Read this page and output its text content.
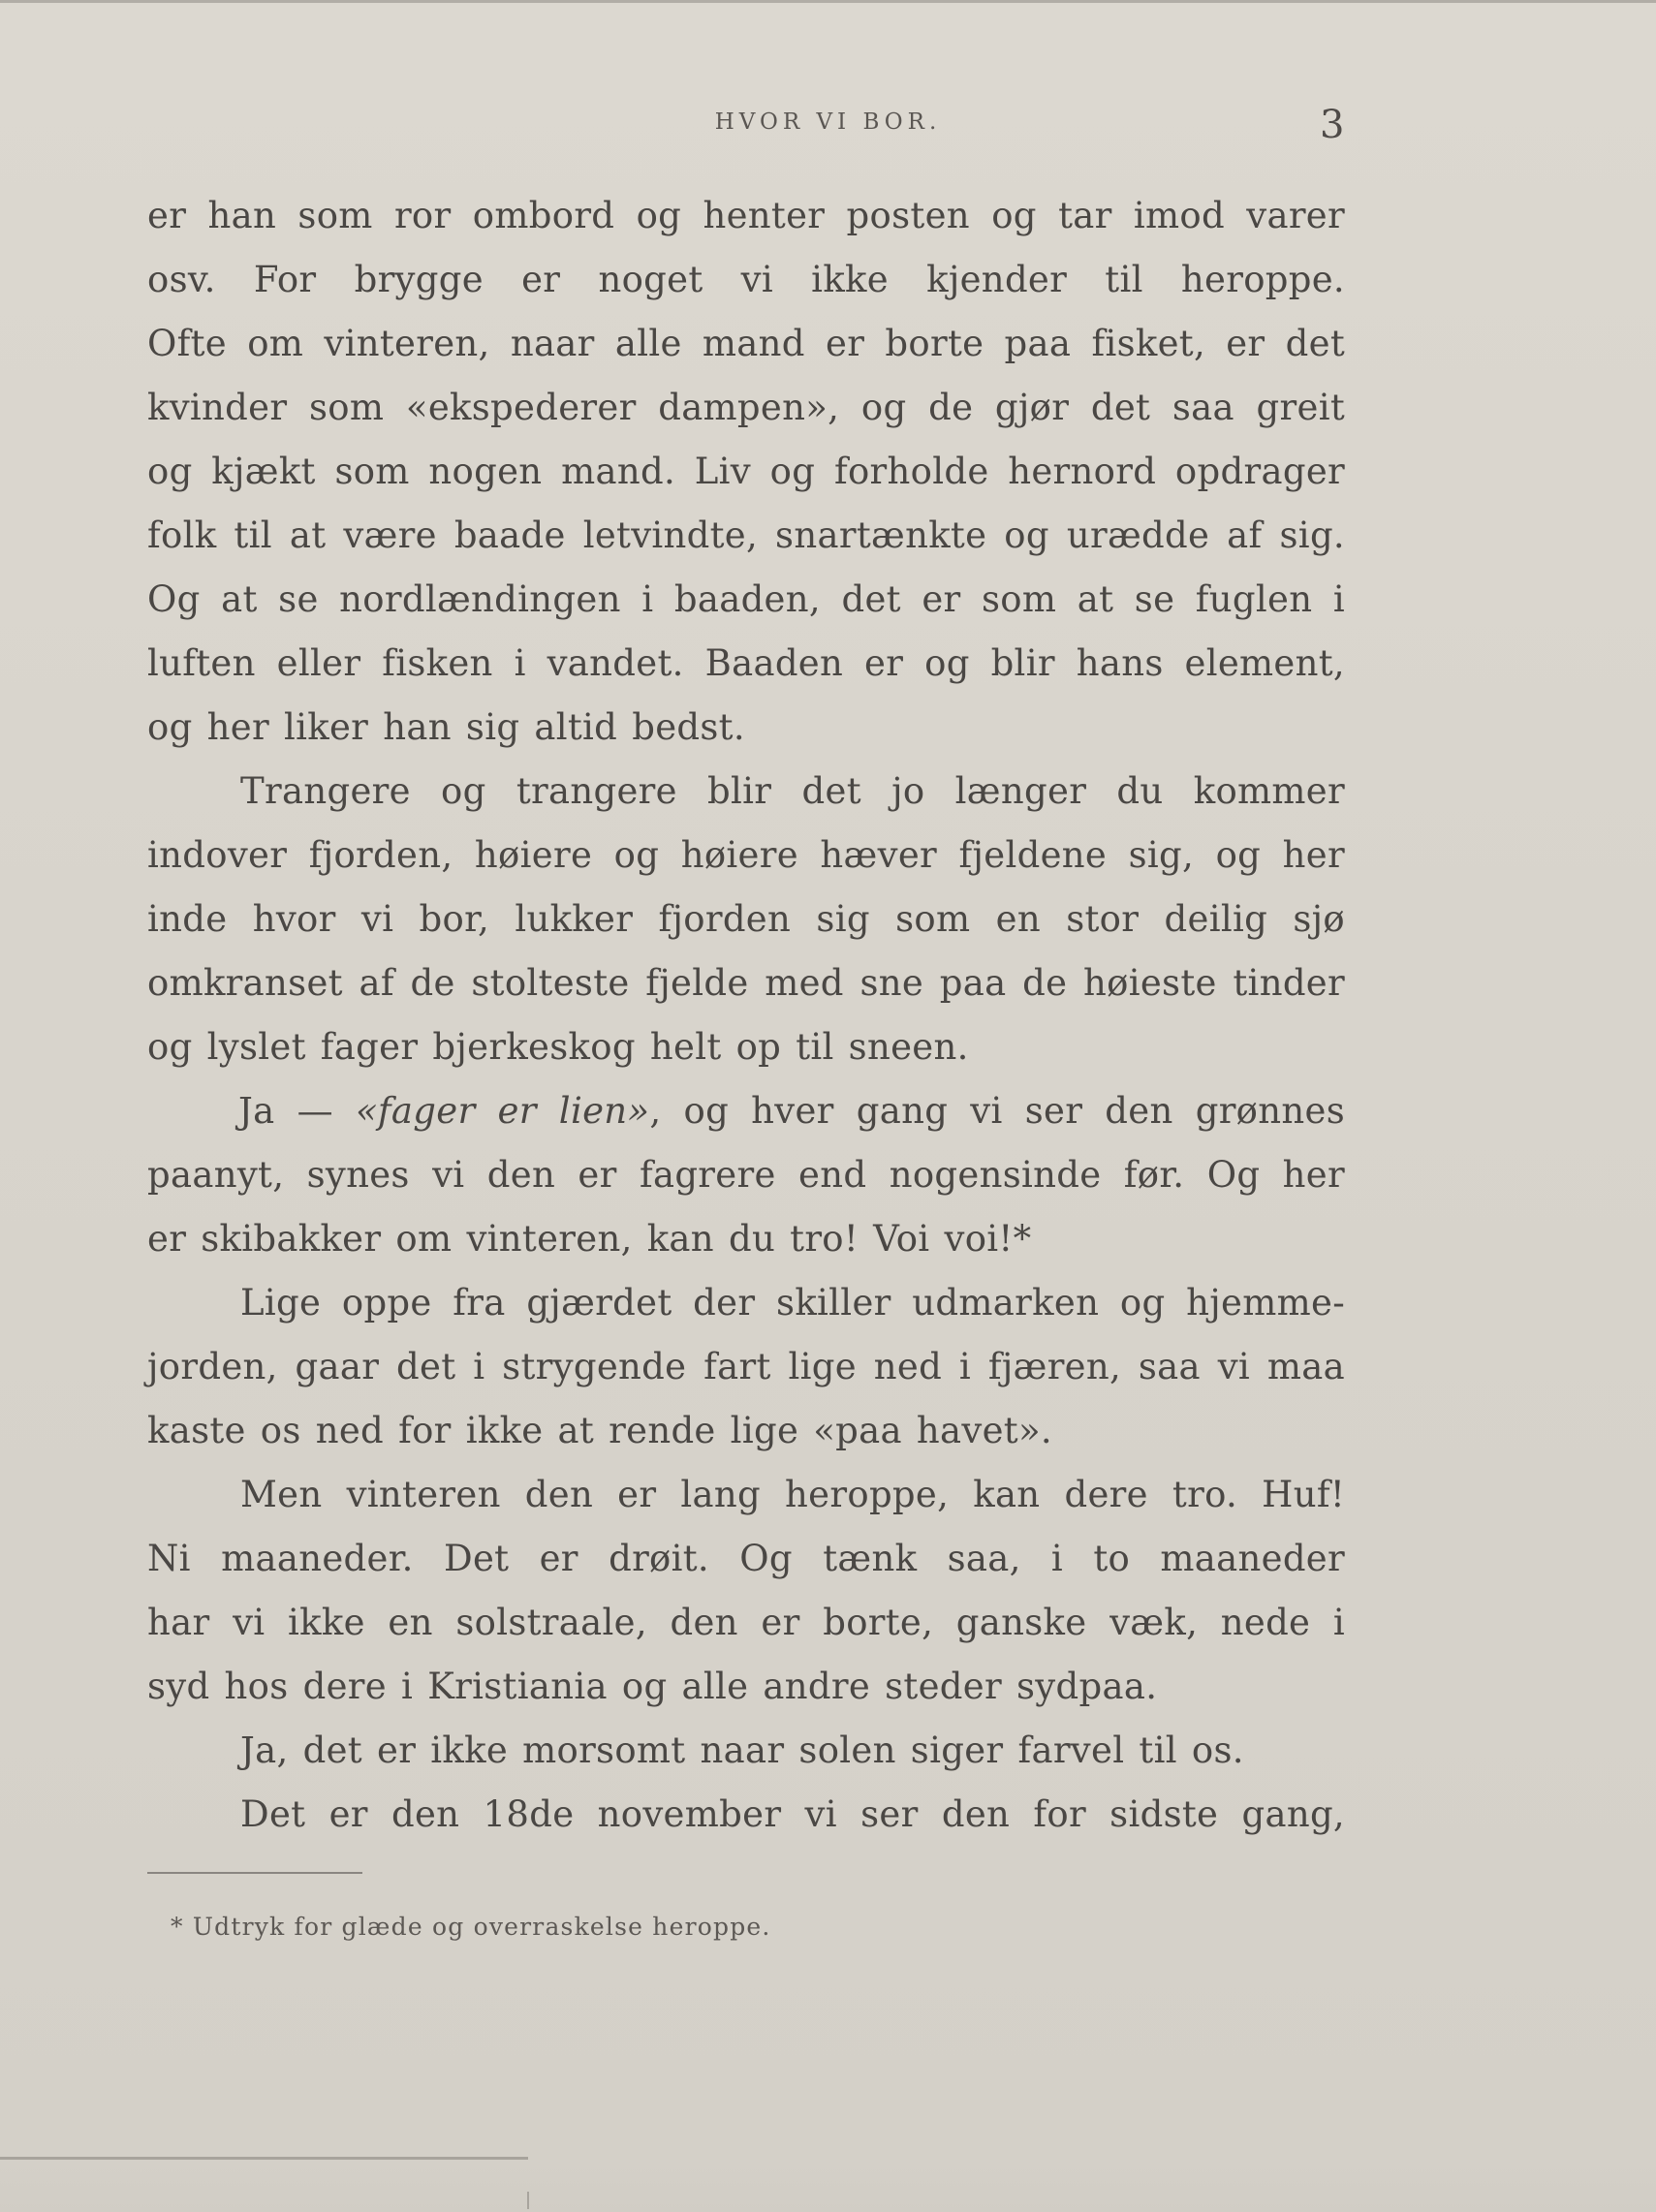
HVOR VI BOR.	3
er han som ror ombord og henter posten og tar imod varer
osv. For brygge er noget vi ikke kjender til heroppe.
Ofte om vinteren, naar alle mand er borte paa fisket, er det
kvinder som «ekspederer dampen», og de gjør det saa greit
og kjækt som nogen mand. Liv og forholde hernord opdrager
folk til at være baade letvindte, snartænkte og urædde af sig.
Og at se nordlændingen i baaden, det er som at se fuglen i
luften eller fisken i vandet. Baaden er og blir hans element,
og her liker han sig altid bedst.
Trangere og trangere blir det jo længer du kommer
indover fjorden, høiere og høiere hæver fjeldene sig, og her
inde hvor vi bor, lukker fjorden sig som en stor deilig sjø
omkranset af de stolteste fjelde med sne paa de høieste tinder
og lyslet fager bjerkeskog helt op til sneen.
Ja — «fager er lien», og hver gang vi ser den grønnes
paanyt, synes vi den er fagrere end nogensinde før. Og her
er skibakker om vinteren, kan du tro! Voi voi!*
Lige oppe fra gjærdet der skiller udmarken og hjemme-
jorden, gaar det i strygende fart lige ned i fjæren, saa vi maa
kaste os ned for ikke at rende lige «paa havet».
Men vinteren den er lang heroppe, kan dere tro. Huf!
Ni maaneder. Det er drøit. Og tænk saa, i to maaneder
har vi ikke en solstraale, den er borte, ganske væk, nede i
syd hos dere i Kristiania og alle andre steder sydpaa.
Ja, det er ikke morsomt naar solen siger farvel til os.
Det er den 18de november vi ser den for sidste gang,
* Udtryk for glæde og overraskelse heroppe.
